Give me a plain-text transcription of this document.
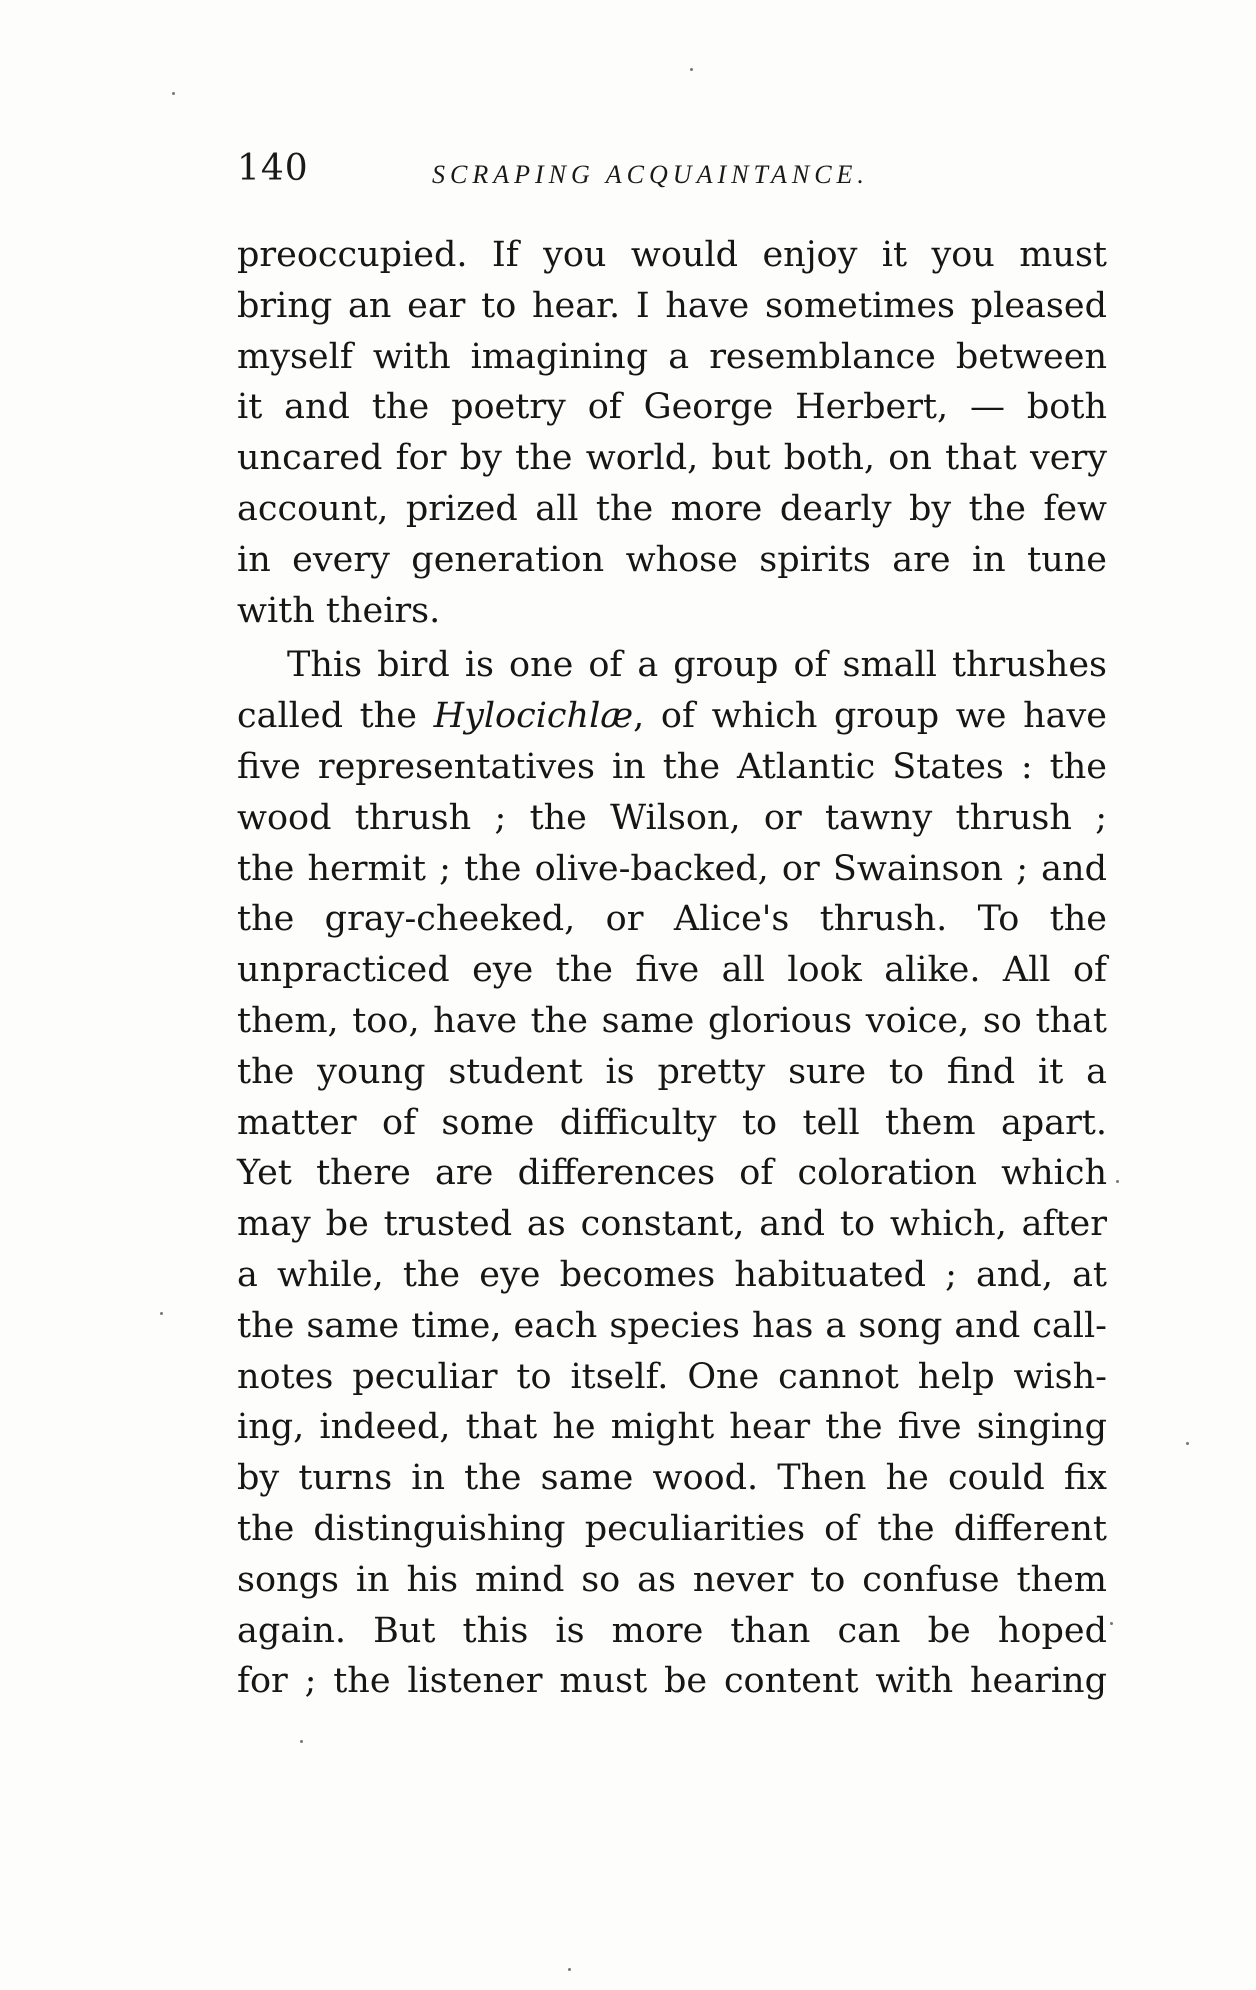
140	SCRAPING ACQUAINTANCE.
preoccupied. If you would enjoy it you must
bring an ear to hear. I have sometimes pleased
myself with imagining a resemblance between
it and the poetry of George Herbert, — both
uncared for by the world, but both, on that very
account, prized all the more dearly by the few
in every generation whose spirits are in tune
with theirs.
This bird is one of a group of small thrushes
called the Hylocichlæ, of which group we have
five representatives in the Atlantic States : the
wood thrush ; the Wilson, or tawny thrush ;
the hermit ; the olive-backed, or Swainson ; and
the gray-cheeked, or Alice's thrush. To the
unpracticed eye the five all look alike. All of
them, too, have the same glorious voice, so that
the young student is pretty sure to find it a
matter of some difficulty to tell them apart.
Yet there are differences of coloration which
may be trusted as constant, and to which, after
a while, the eye becomes habituated ; and, at
the same time, each species has a song and call-
notes peculiar to itself. One cannot help wish-
ing, indeed, that he might hear the five singing
by turns in the same wood. Then he could fix
the distinguishing peculiarities of the different
songs in his mind so as never to confuse them
again. But this is more than can be hoped
for ; the listener must be content with hearing
